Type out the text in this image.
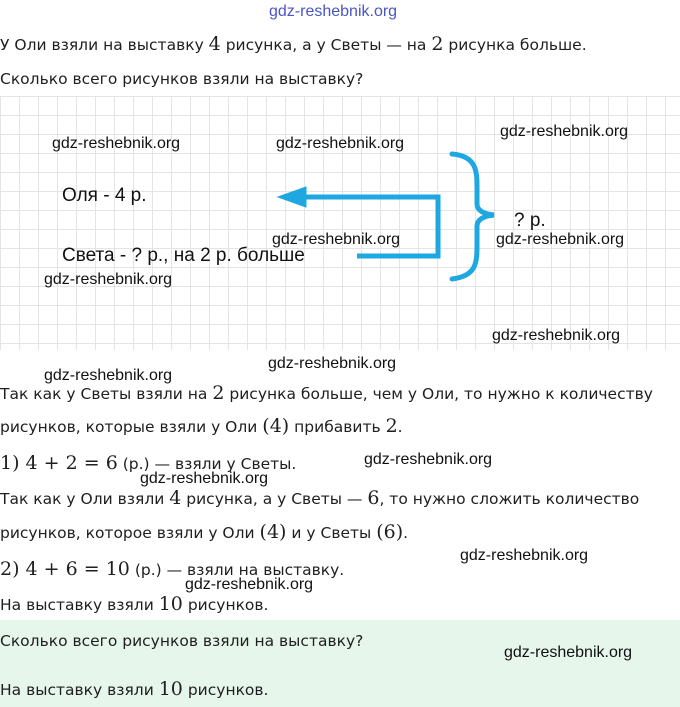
gdz-reshebnik.org
У Оли взяли на выставку 4 рисунка, а у Светы — на 2 рисунка больше.
Сколько всего рисунков взяли на выставку?
gdz-reshebnik.org	gdz-reshebnik.org
gdz-reshebnik.org
Оля - 4 р.
Света - ? р., на 2 р. больше
? р.
gdz-reshebnik.org	gdz-reshebnik.org
gdz-reshebnik.org
gdz-reshebnik.org
gdz-reshebnik.org
gdz-reshebnik.org
Так как у Светы взяли на 2 рисунка больше, чем у Оли, то нужно к количеству
рисунков, которые взяли у Оли (4) прибавить 2.
1) 4 + 2 = 6 (р.) — взяли у Светы.	gdz-reshebnik.org
gdz-reshebnik.org
Так как у Оли взяли 4 рисунка, а у Светы — 6, то нужно сложить количество
рисунков, которое взяли у Оли (4) и у Светы (6).
2) 4 + 6 = 10 (р.) — взяли на выставку.
gdz-reshebnik.org
gdz-reshebnik.org
На выставку взяли 10 рисунков.
Сколько всего рисунков взяли на выставку?
gdz-reshebnik.org
На выставку взяли 10 рисунков.
